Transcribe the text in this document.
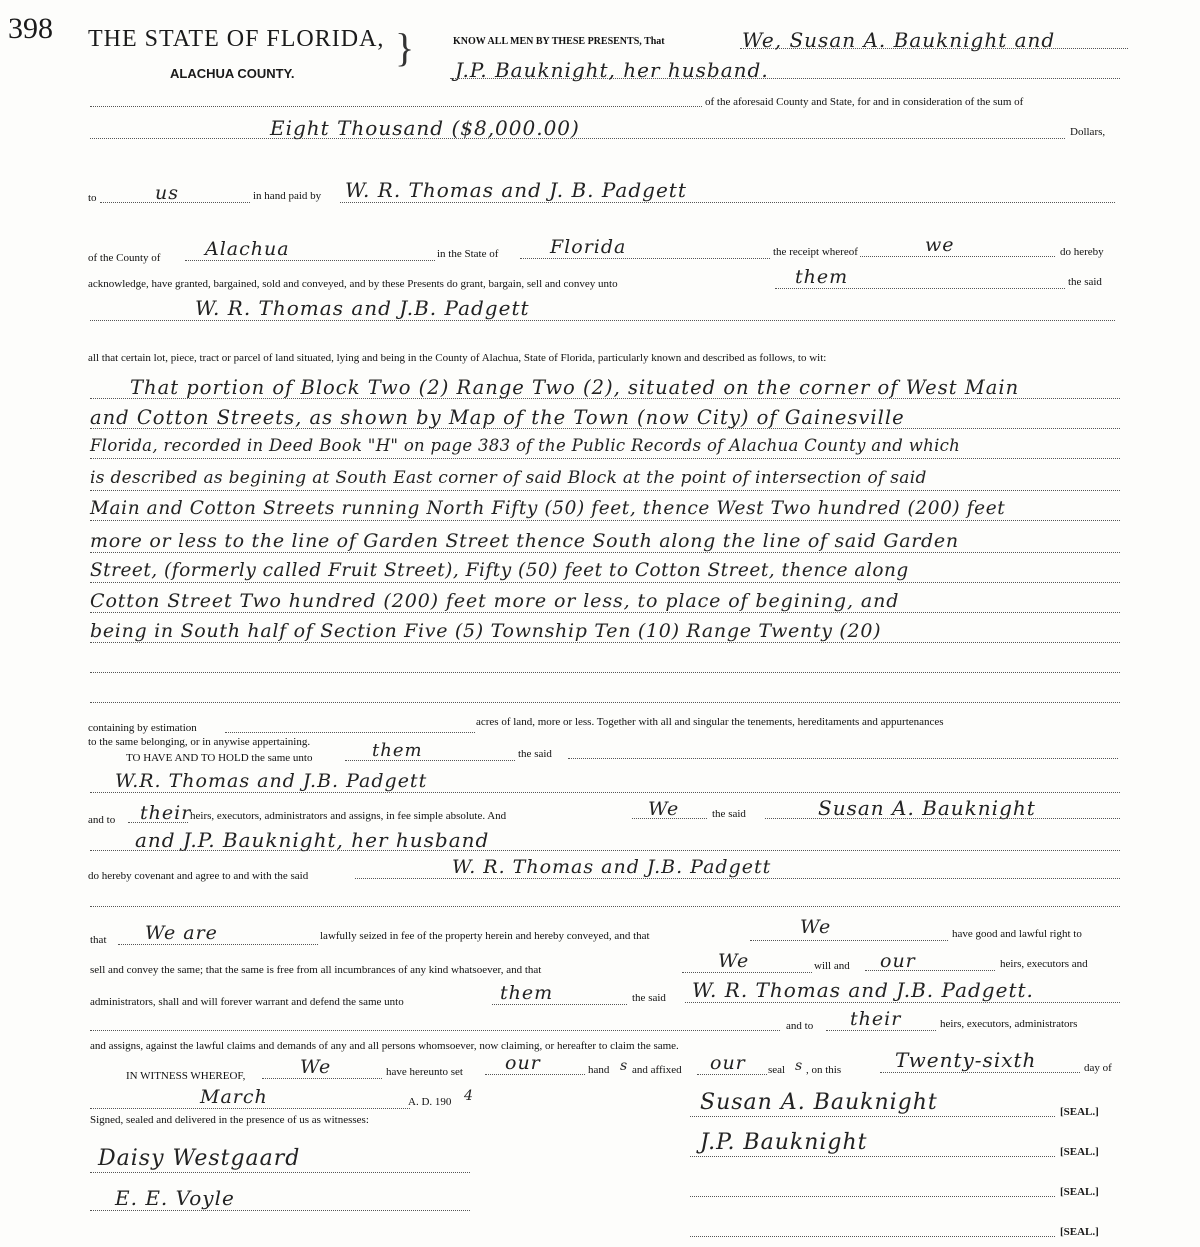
398 THE STATE OF FLORIDA,
ALACHUA COUNTY.
}	KNOW ALL MEN BY THESE PRESENTS, That	We, Susan A. Bauknight and
J.P. Bauknight, her husband.
of the aforesaid County and State, for and in consideration of the sum of
Eight Thousand ($8,000.00)	Dollars,
to	us	in hand paid by W. R. Thomas and J. B. Padgett
of the County of Alachua	in the State of	Florida	the receipt whereof	we	do hereby
acknowledge, have granted, bargained, sold and conveyed, and by these Presents do grant, bargain, sell and convey unto	them	the said
W. R. Thomas and J.B. Padgett
all that certain lot, piece, tract or parcel of land situated, lying and being in the County of Alachua, State of Florida, particularly known and described as follows, to wit:
That portion of Block Two (2) Range Two (2), situated on the corner of West Main
and Cotton Streets, as shown by Map of the Town (now City) of Gainesville
Florida, recorded in Deed Book "H" on page 383 of the Public Records of Alachua County and which
is described as begining at South East corner of said Block at the point of intersection of said
Main and Cotton Streets running North Fifty (50) feet, thence West Two hundred (200) feet
more or less to the line of Garden Street thence South along the line of said Garden
Street, (formerly called Fruit Street), Fifty (50) feet to Cotton Street, thence along
Cotton Street Two hundred (200) feet more or less, to place of begining, and
being in South half of Section Five (5) Township Ten (10) Range Twenty (20)
containing by estimation	acres of land, more or less. Together with all and singular the tenements, hereditaments and appurtenances
to the same belonging, or in anywise appertaining.
TO HAVE AND TO HOLD the same unto	them	the said
W.R. Thomas and J.B. Padgett
and to their
heirs, executors, administrators and assigns, in fee simple absolute. And	We	the said	Susan A. Bauknight
and J.P. Bauknight, her husband
do hereby covenant and agree to and with the said	W. R. Thomas and J.B. Padgett
that We are	lawfully seized in fee of the property herein and hereby conveyed, and that	We	have good and lawful right to
sell and convey the same; that the same is free from all incumbrances of any kind whatsoever, and that	We	will and our	heirs, executors and
administrators, shall and will forever warrant and defend the same unto	them	the said W. R. Thomas and J.B. Padgett.
and to their	heirs, executors, administrators
and assigns, against the lawful claims and demands of any and all persons whomsoever, now claiming, or hereafter to claim the same.
IN WITNESS WHEREOF,	We	have hereunto set our	hand s and affixed our seal s , on this	Twenty-sixth	day of
March	A. D. 190 4
Signed, sealed and delivered in the presence of us as witnesses:
Susan A. Bauknight	[SEAL.]
J.P. Bauknight	[SEAL.]
[SEAL.]
[SEAL.]
Daisy Westgaard
E. E. Voyle
